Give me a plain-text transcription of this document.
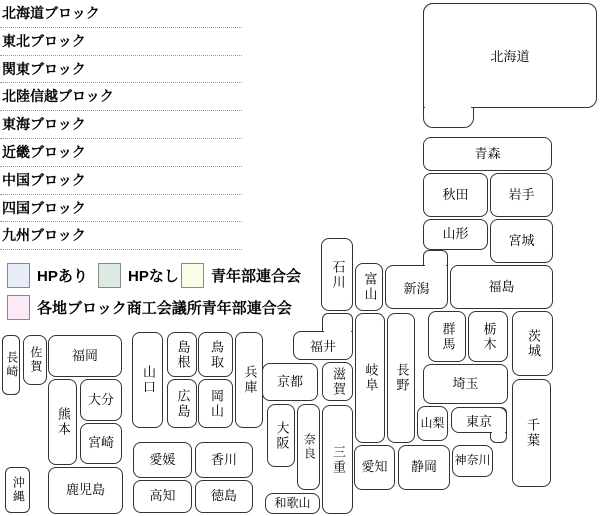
北海道ブロック
東北ブロック
関東ブロック
北陸信越ブロック
東海ブロック
近畿ブロック
中国ブロック
四国ブロック
九州ブロック
HPあり	HPなし 青年部連合会
各地ブロック商工会議所青年部連合会
北海道
青森
秋田	岩手
山形	宮城
新潟	福島
群馬	栃木	茨城
埼玉
千葉
東京
神奈川
石川	富山
福井
岐阜	長野
山梨
静岡
愛知
滋賀
京都
大阪	奈良
和歌山
三重
兵庫
鳥取
岡山
島根
広島
山口
香川
愛媛
高知	徳島
福岡
佐賀
長崎
熊本
大分
宮崎
鹿児島
沖縄
